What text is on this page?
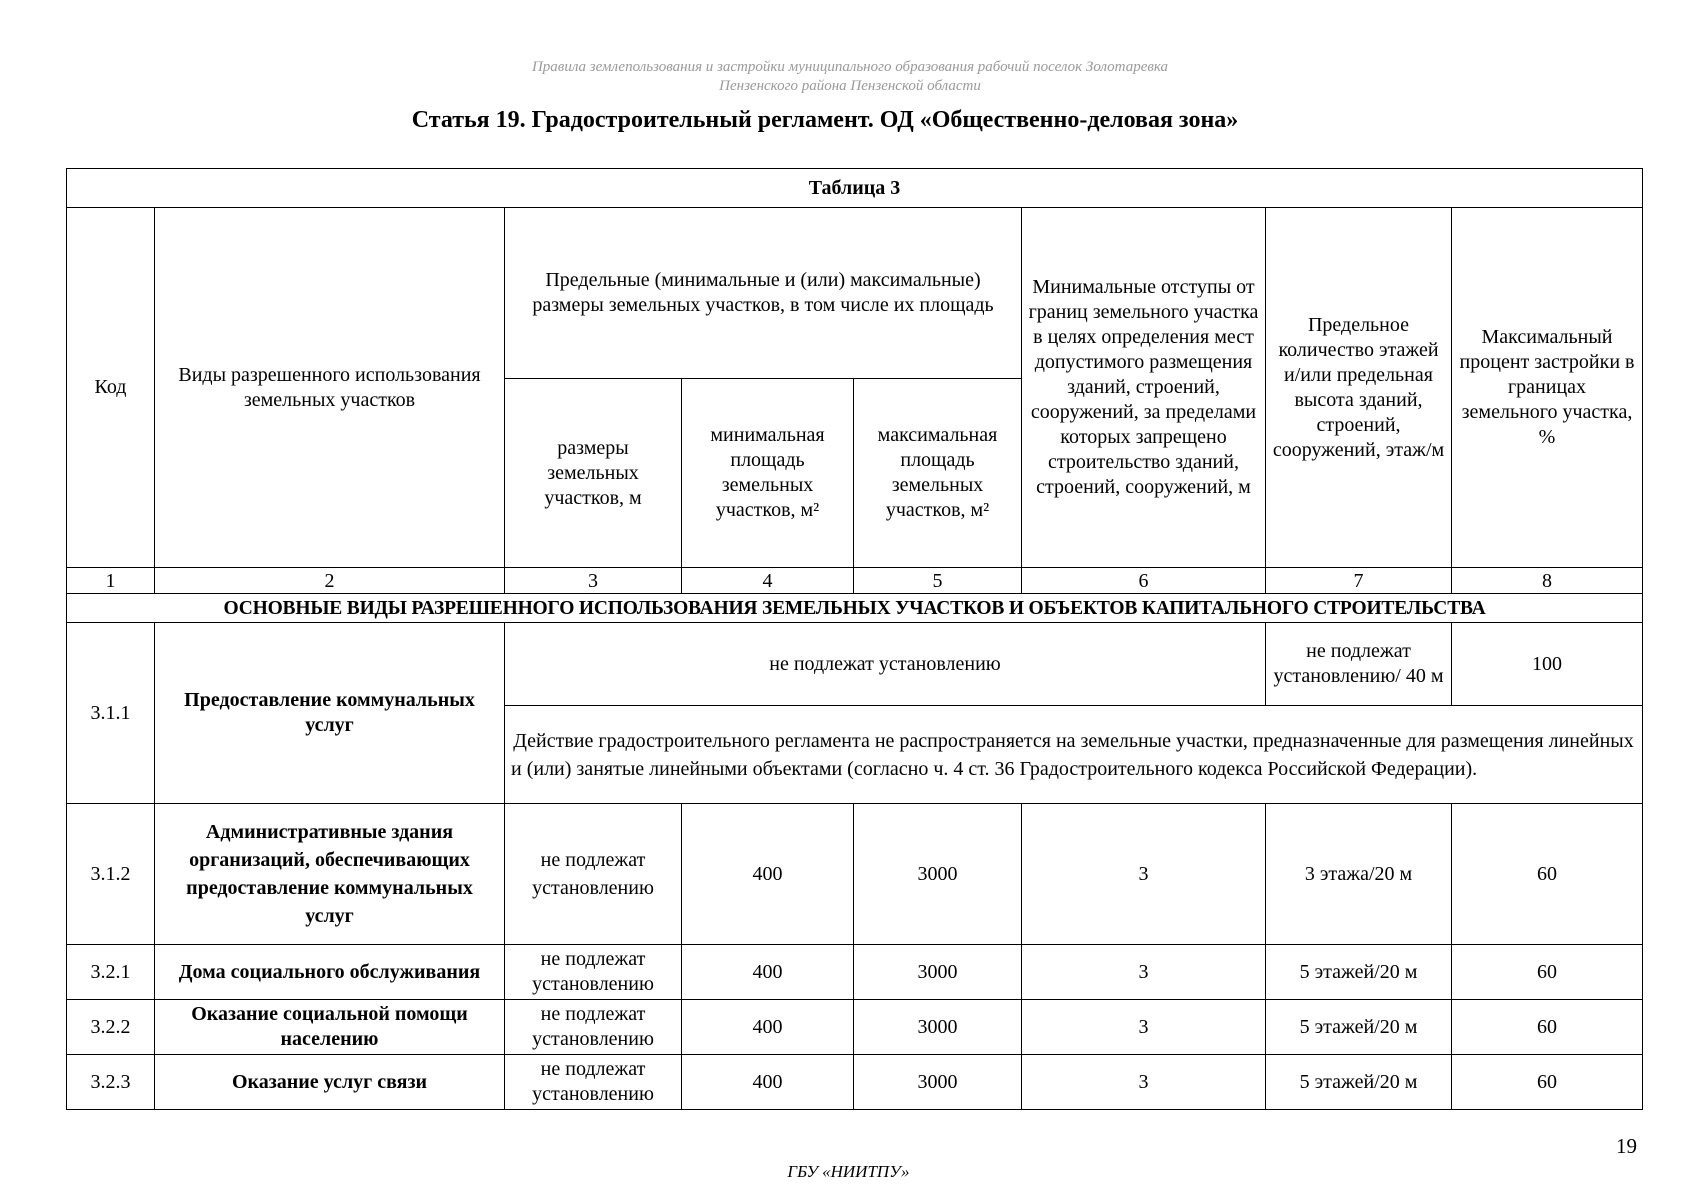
Правила землепользования и застройки муниципального образования рабочий поселок Золотаревка
Пензенского района Пензенской области
Статья 19. Градостроительный регламент. ОД «Общественно-деловая зона»
Таблица 3							
Код	Виды разрешенного использования земельных участков	Предельные (минимальные и (или) максимальные) размеры земельных участков, в том числе их площадь			Минимальные отступы от границ земельного участка в целях определения мест допустимого размещения зданий, строений, сооружений, за пределами которых запрещено строительство зданий, строений, сооружений, м	Предельное количество этажей и/или предельная высота зданий, строений, сооружений, этаж/м	Максимальный процент застройки в границах земельного участка, %
		размеры земельных участков, м	минимальная площадь земельных участков, м²	максимальная площадь земельных участков, м²			
1	2	3	4	5	6	7	8
ОСНОВНЫЕ ВИДЫ РАЗРЕШЕННОГО ИСПОЛЬЗОВАНИЯ ЗЕМЕЛЬНЫХ УЧАСТКОВ И ОБЪЕКТОВ КАПИТАЛЬНОГО СТРОИТЕЛЬСТВА							
3.1.1	Предоставление коммунальных услуг	не подлежат установлению				не подлежат установлению/ 40 м	100
		Действие градостроительного регламента не распространяется на земельные участки, предназначенные для размещения линейных и (или) занятые линейными объектами (согласно ч. 4 ст. 36 Градостроительного кодекса Российской Федерации).					
3.1.2	Административные здания организаций, обеспечивающих предоставление коммунальных услуг	не подлежат установлению	400	3000	3	3 этажа/20 м	60
3.2.1	Дома социального обслуживания	не подлежат установлению	400	3000	3	5 этажей/20 м	60
3.2.2	Оказание социальной помощи населению	не подлежат установлению	400	3000	3	5 этажей/20 м	60
3.2.3	Оказание услуг связи	не подлежат установлению	400	3000	3	5 этажей/20 м	60
19
ГБУ «НИИТПУ»
